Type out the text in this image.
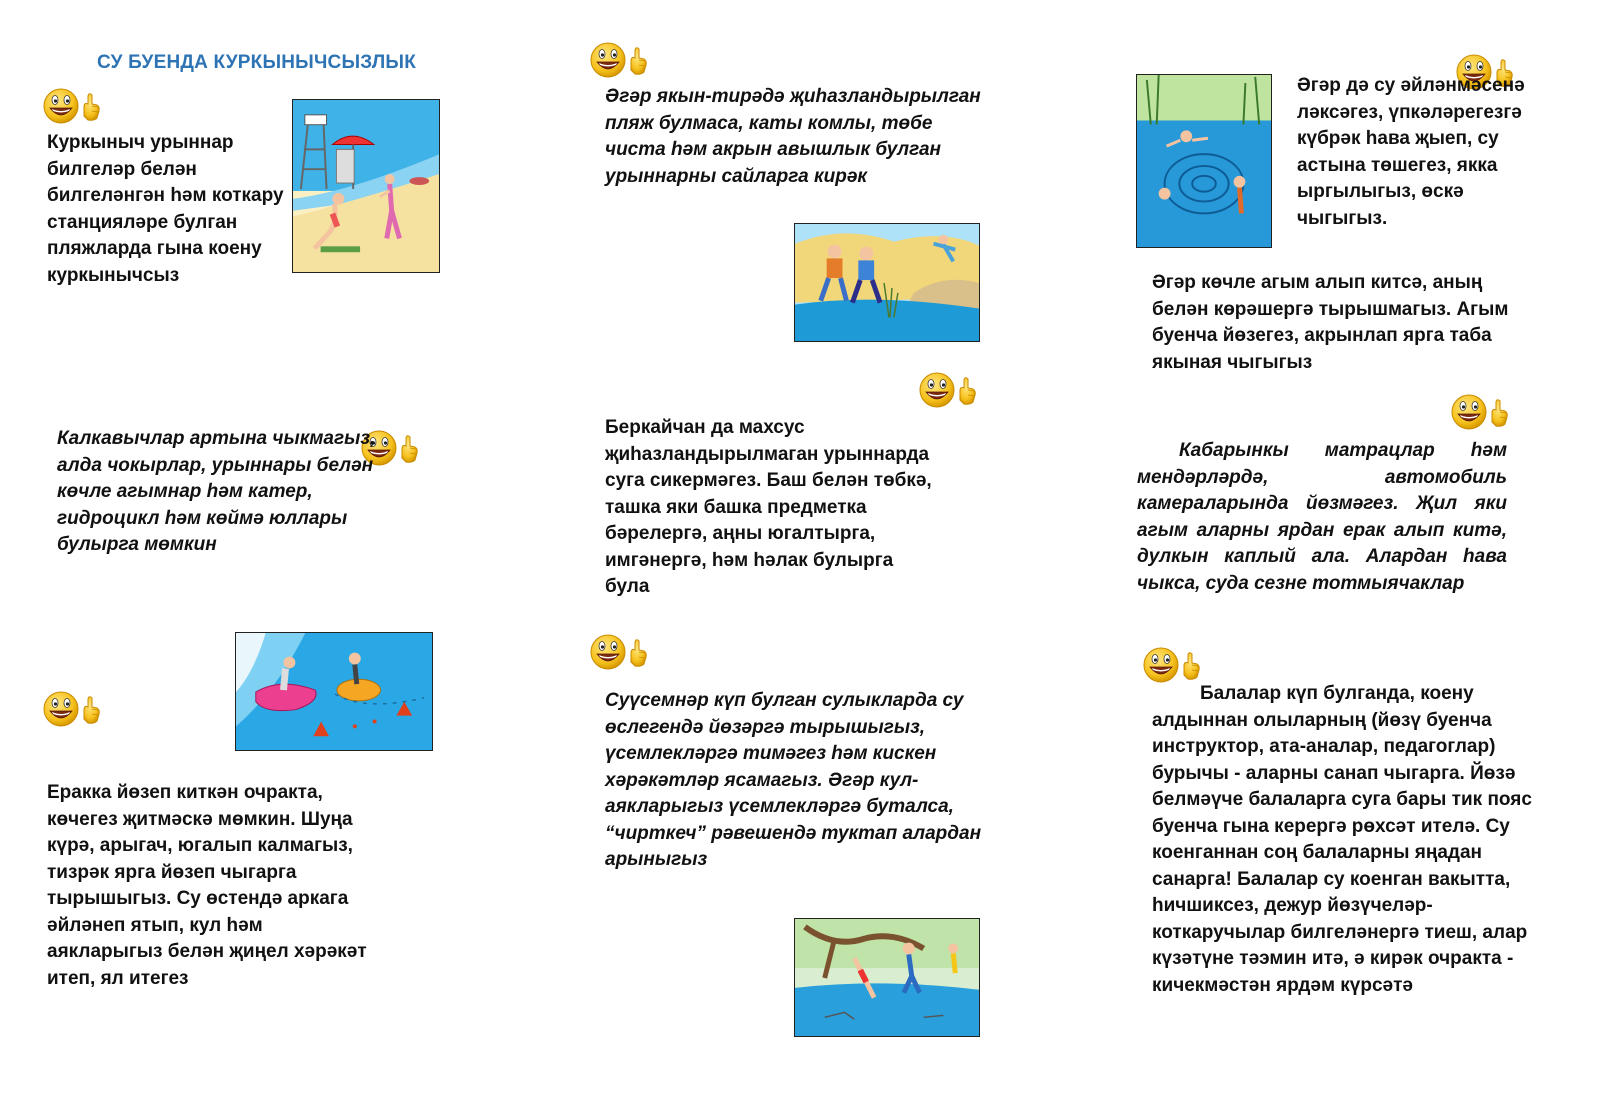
СУ БУЕНДА КУРКЫНЫЧСЫЗЛЫК
Куркыныч урыннар билгеләр белән билгеләнгән һәм коткару станцияләре булган пляжларда гына коену куркынычсыз
Калкавычлар артына чыкмагыз, алда чокырлар, урыннары белән көчле агымнар һәм катер, гидроцикл һәм көймә юллары булырга мөмкин
Еракка йөзеп киткән очракта, көчегез җитмәскә мөмкин. Шуңа күрә, арыгач, югалып калмагыз, тизрәк ярга йөзеп чыгарга тырышыгыз. Су өстендә аркага әйләнеп ятып, кул һәм аякларыгыз белән җиңел хәрәкәт итеп, ял итегез
Әгәр якын-тирәдә җиһазландырылган пляж булмаса, каты комлы, төбе чиста һәм акрын авышлык булган урыннарны сайларга кирәк
Беркайчан да махсус җиһазландырылмаган урыннарда суга сикермәгез. Баш белән төбкә, ташка яки башка предметка бәрелергә, аңны югалтырга, имгәнергә, һәм һәлак булырга була
Суүсемнәр күп булган сулыкларда су өслегендә йөзәргә тырышыгыз, үсемлекләргә тимәгез һәм кискен хәрәкәтләр ясамагыз. Әгәр кул-аякларыгыз үсемлекләргә буталса, “чирткеч” рәвешендә туктап алардан арыныгыз
Әгәр дә су әйләнмәсенә ләксәгез, үпкәләрегезгә күбрәк һава җыеп, су астына төшегез, якка ыргылыгыз, өскә чыгыгыз.
Әгәр көчле агым алып китсә, аның белән көрәшергә тырышмагыз. Агым буенча йөзегез, акрынлап ярга таба якыная чыгыгыз
Кабарынкы матрацлар һәм мендәрләрдә, автомобиль камераларында йөзмәгез. Җил яки агым аларны ярдан ерак алып китә, дулкын каплый ала. Алардан һава чыкса, суда сезне тотмыячаклар
Балалар күп булганда, коену алдыннан олыларның (йөзү буенча инструктор, ата-аналар, педагоглар) бурычы - аларны санап чыгарга. Йөзә белмәүче балаларга суга бары тик пояс буенча гына керергә рөхсәт ителә. Су коенганнан соң балаларны яңадан санарга! Балалар су коенган вакытта, һичшиксез, дежур йөзүчеләр-коткаручылар билгеләнергә тиеш, алар күзәтүне тәэмин итә, ә кирәк очракта - кичекмәстән ярдәм күрсәтә
